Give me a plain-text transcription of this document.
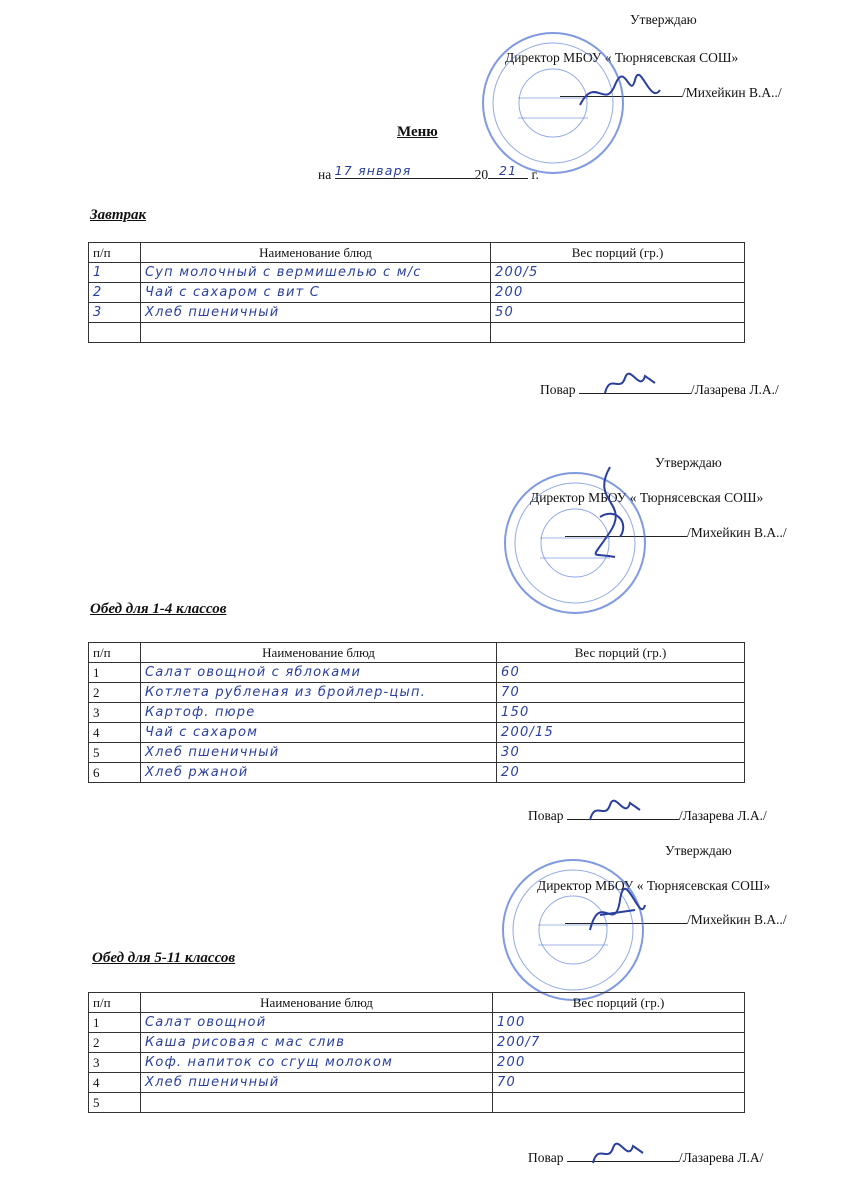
Утверждаю
Директор МБОУ « Тюрнясевская СОШ»
/Михейкин В.А../
Меню
на 17 января	20 21 г.
Завтрак
п/п	Наименование блюд	Вес порций (гр.)
1	Суп молочный с вермишелью с м/с	200/5
2	Чай с сахаром с вит С	200
3	Хлеб пшеничный	50

Повар	/Лазарева Л.А./
Утверждаю
Директор МБОУ « Тюрнясевская СОШ»
/Михейкин В.А../
Обед для 1-4 классов
п/п	Наименование блюд	Вес порций (гр.)
1	Салат овощной с яблоками	60
2	Котлета рубленая из бройлер-цып.	70
3	Картоф. пюре	150
4	Чай с сахаром	200/15
5	Хлеб пшеничный	30
6	Хлеб ржаной	20
Повар	/Лазарева Л.А./
Утверждаю
Директор МБОУ « Тюрнясевская СОШ»
/Михейкин В.А../
Обед для 5-11 классов
п/п	Наименование блюд	Вес порций (гр.)
1	Салат овощной	100
2	Каша рисовая с мас слив	200/7
3	Коф. напиток со сгущ молоком	200
4	Хлеб пшеничный	70
5		
Повар	/Лазарева Л.А/
